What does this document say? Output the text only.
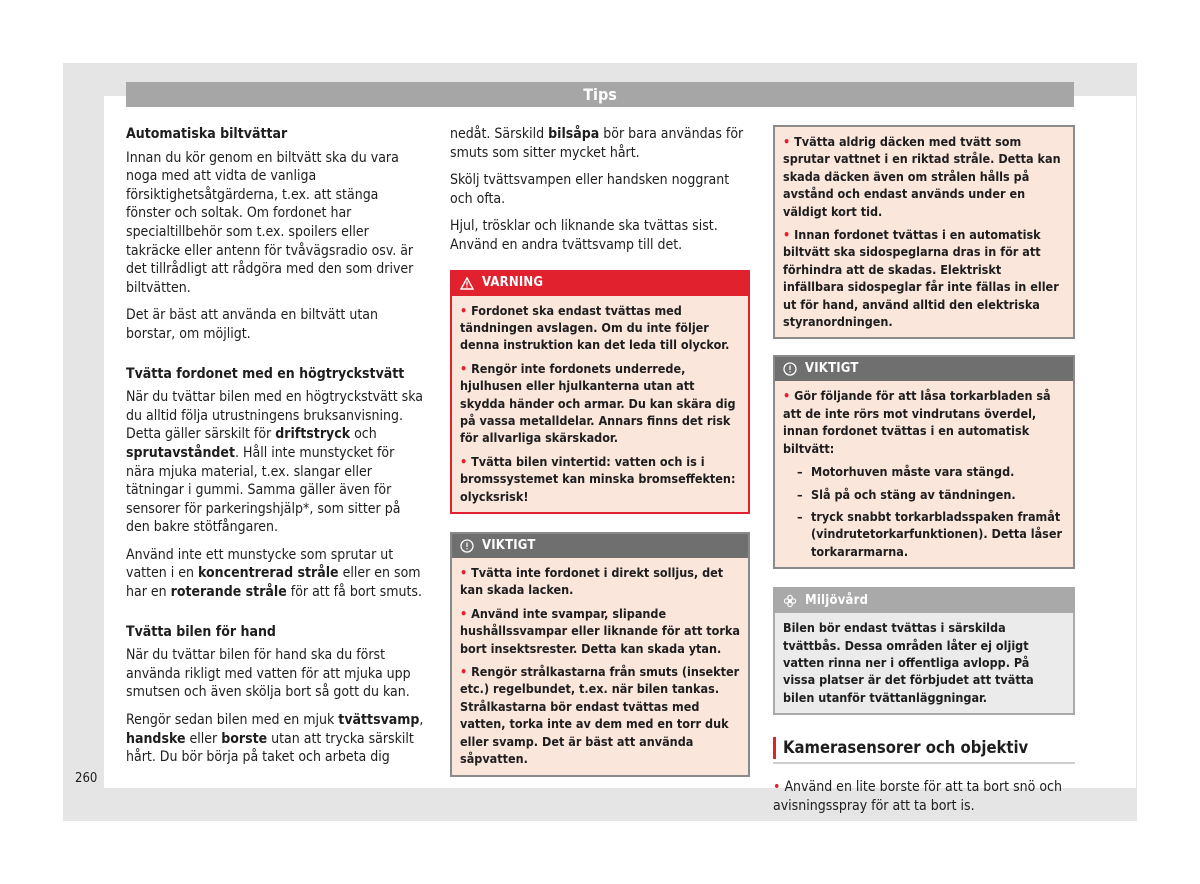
Tips
Automatiska biltvättar

Innan du kör genom en biltvätt ska du vara noga med att vidta de vanliga försiktighetsåtgärderna, t.ex. att stänga fönster och soltak. Om fordonet har specialtillbehör som t.ex. spoilers eller takräcke eller antenn för tvåvägsradio osv. är det tillrådligt att rådgöra med den som driver biltvätten.

Det är bäst att använda en biltvätt utan borstar, om möjligt.

Tvätta fordonet med en högtryckstvätt

När du tvättar bilen med en högtryckstvätt ska du alltid följa utrustningens bruksanvisning. Detta gäller särskilt för driftstryck och sprutavståndet. Håll inte munstycket för nära mjuka material, t.ex. slangar eller tätningar i gummi. Samma gäller även för sensorer för parkeringshjälp*, som sitter på den bakre stötfångaren.

Använd inte ett munstycke som sprutar ut vatten i en koncentrerad stråle eller en som har en roterande stråle för att få bort smuts.

Tvätta bilen för hand

När du tvättar bilen för hand ska du först använda rikligt med vatten för att mjuka upp smutsen och även skölja bort så gott du kan.

Rengör sedan bilen med en mjuk tvättsvamp, handske eller borste utan att trycka särskilt hårt. Du bör börja på taket och arbeta dig

nedåt. Särskild bilsåpa bör bara användas för smuts som sitter mycket hårt.

Skölj tvättsvampen eller handsken noggrant och ofta.

Hjul, trösklar och liknande ska tvättas sist. Använd en andra tvättsvamp till det.

VARNING
• Fordonet ska endast tvättas med tändningen avslagen. Om du inte följer denna instruktion kan det leda till olyckor.
• Rengör inte fordonets underrede, hjulhusen eller hjulkanterna utan att skydda händer och armar. Du kan skära dig på vassa metalldelar. Annars finns det risk för allvarliga skärskador.
• Tvätta bilen vintertid: vatten och is i bromssystemet kan minska bromseffekten: olycksrisk!
VIKTIGT
• Tvätta inte fordonet i direkt solljus, det kan skada lacken.
• Använd inte svampar, slipande hushållssvampar eller liknande för att torka bort insektsrester. Detta kan skada ytan.
• Rengör strålkastarna från smuts (insekter etc.) regelbundet, t.ex. när bilen tankas. Strålkastarna bör endast tvättas med vatten, torka inte av dem med en torr duk eller svamp. Det är bäst att använda såpvatten.
• Tvätta aldrig däcken med tvätt som sprutar vattnet i en riktad stråle. Detta kan skada däcken även om strålen hålls på avstånd och endast används under en väldigt kort tid.
• Innan fordonet tvättas i en automatisk biltvätt ska sidospeglarna dras in för att förhindra att de skadas. Elektriskt infällbara sidospeglar får inte fällas in eller ut för hand, använd alltid den elektriska styranordningen.
VIKTIGT
• Gör följande för att låsa torkarbladen så att de inte rörs mot vindrutans överdel, innan fordonet tvättas i en automatisk biltvätt:
– Motorhuven måste vara stängd.
– Slå på och stäng av tändningen.
– tryck snabbt torkarbladsspaken framåt (vindrutetorkarfunktionen). Detta låser torkararmarna.
Miljövård
Bilen bör endast tvättas i särskilda tvättbås. Dessa områden låter ej oljigt vatten rinna ner i offentliga avlopp. På vissa platser är det förbjudet att tvätta bilen utanför tvättanläggningar.
Kamerasensorer och objektiv

• Använd en lite borste för att ta bort snö och avisningsspray för att ta bort is.

260
